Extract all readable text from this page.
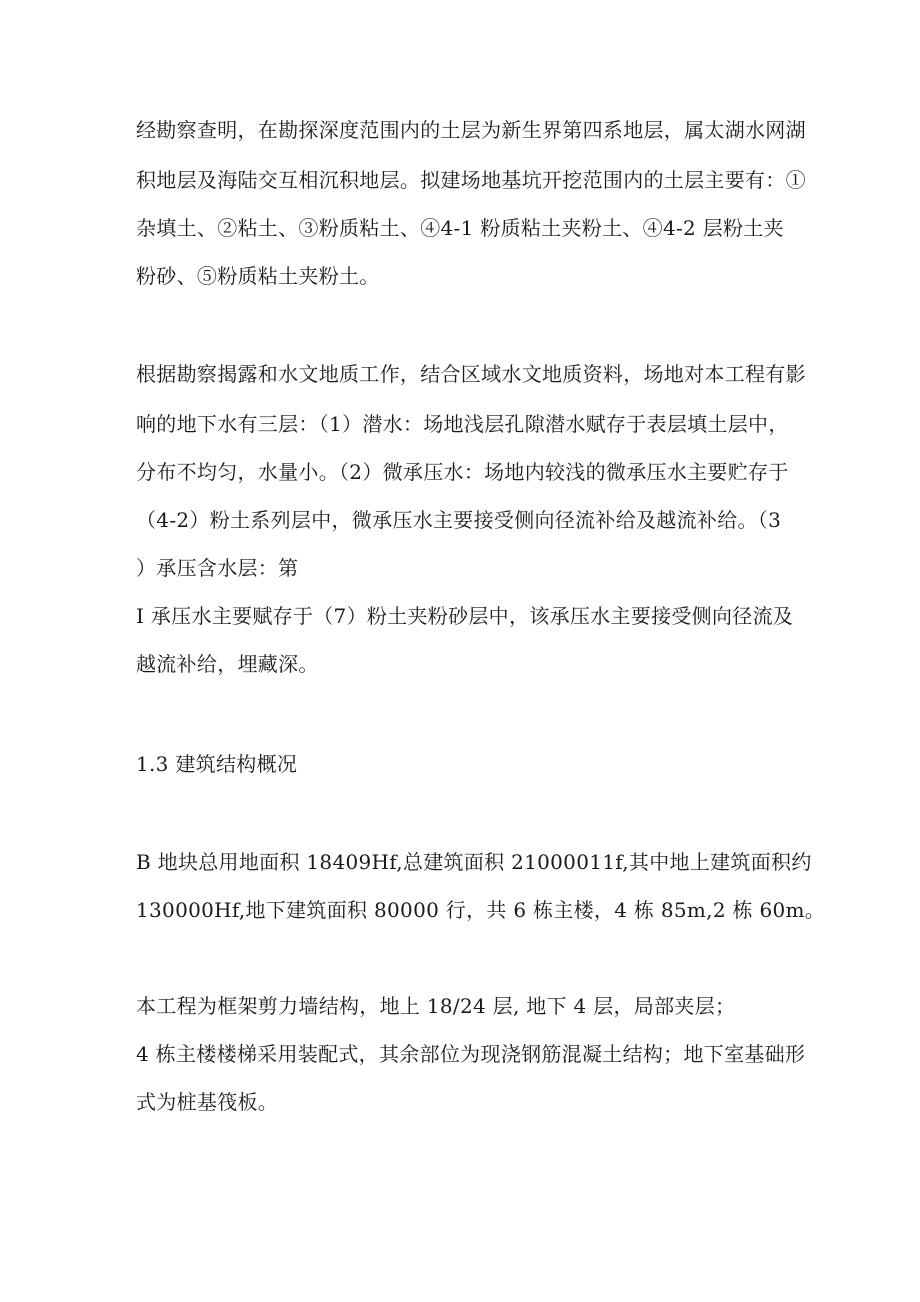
经勘察查明，在勘探深度范围内的土层为新生界第四系地层，属太湖水网湖
积地层及海陆交互相沉积地层。拟建场地基坑开挖范围内的土层主要有：①
杂填土、②粘土、③粉质粘土、④4-1 粉质粘土夹粉土、④4-2 层粉土夹
粉砂、⑤粉质粘土夹粉土。
根据勘察揭露和水文地质工作，结合区域水文地质资料，场地对本工程有影
响的地下水有三层：（1）潜水：场地浅层孔隙潜水赋存于表层填土层中，
分布不均匀，水量小。（2）微承压水：场地内较浅的微承压水主要贮存于
（4-2）粉土系列层中，微承压水主要接受侧向径流补给及越流补给。（3
）承压含水层：第
I 承压水主要赋存于（7）粉土夹粉砂层中，该承压水主要接受侧向径流及
越流补给，埋藏深。
1.3 建筑结构概况
B 地块总用地面积 18409Hf,总建筑面积 21000011f,其中地上建筑面积约
130000Hf,地下建筑面积 80000 行，共 6 栋主楼，4 栋 85m,2 栋 60m。
本工程为框架剪力墙结构，地上 18/24 层, 地下 4 层，局部夹层；
4 栋主楼楼梯采用装配式，其余部位为现浇钢筋混凝土结构；地下室基础形
式为桩基筏板。
